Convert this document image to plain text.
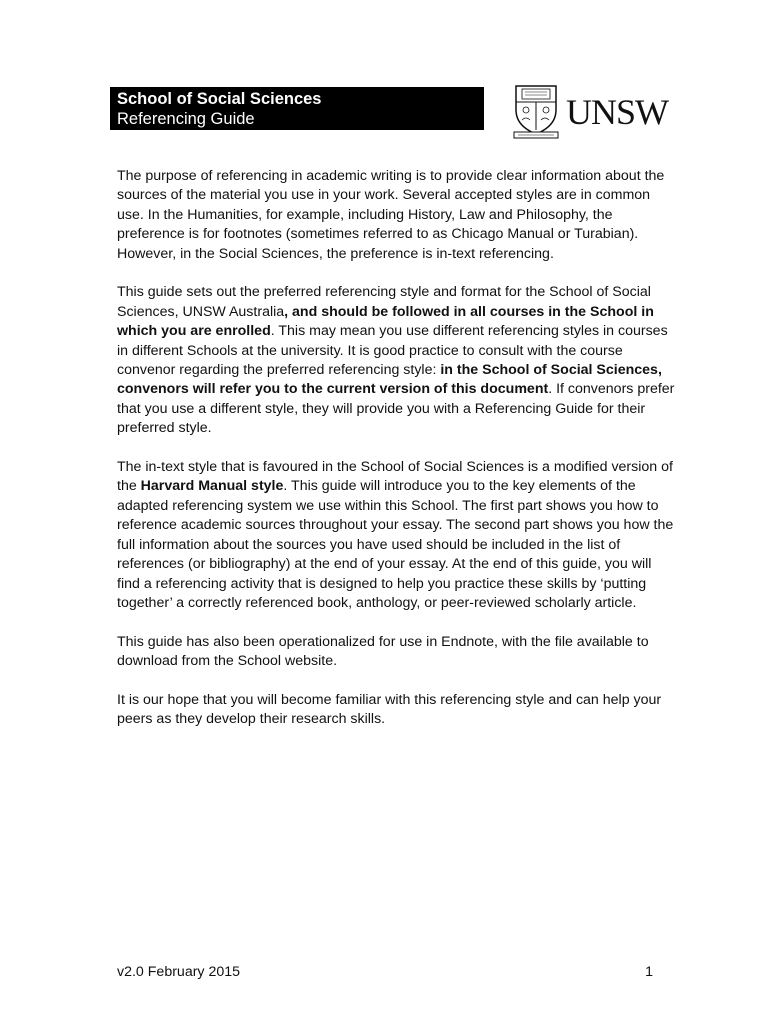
School of Social Sciences
Referencing Guide	UNSW

The purpose of referencing in academic writing is to provide clear information about the sources of the material you use in your work. Several accepted styles are in common use. In the Humanities, for example, including History, Law and Philosophy, the preference is for footnotes (sometimes referred to as Chicago Manual or Turabian). However, in the Social Sciences, the preference is in-text referencing.

This guide sets out the preferred referencing style and format for the School of Social Sciences, UNSW Australia, and should be followed in all courses in the School in which you are enrolled. This may mean you use different referencing styles in courses in different Schools at the university. It is good practice to consult with the course convenor regarding the preferred referencing style: in the School of Social Sciences, convenors will refer you to the current version of this document. If convenors prefer that you use a different style, they will provide you with a Referencing Guide for their preferred style.

The in-text style that is favoured in the School of Social Sciences is a modified version of the Harvard Manual style. This guide will introduce you to the key elements of the adapted referencing system we use within this School. The first part shows you how to reference academic sources throughout your essay. The second part shows you how the full information about the sources you have used should be included in the list of references (or bibliography) at the end of your essay. At the end of this guide, you will find a referencing activity that is designed to help you practice these skills by ‘putting together’ a correctly referenced book, anthology, or peer-reviewed scholarly article.

This guide has also been operationalized for use in Endnote, with the file available to download from the School website.

It is our hope that you will become familiar with this referencing style and can help your peers as they develop their research skills.

v2.0 February 2015	1
